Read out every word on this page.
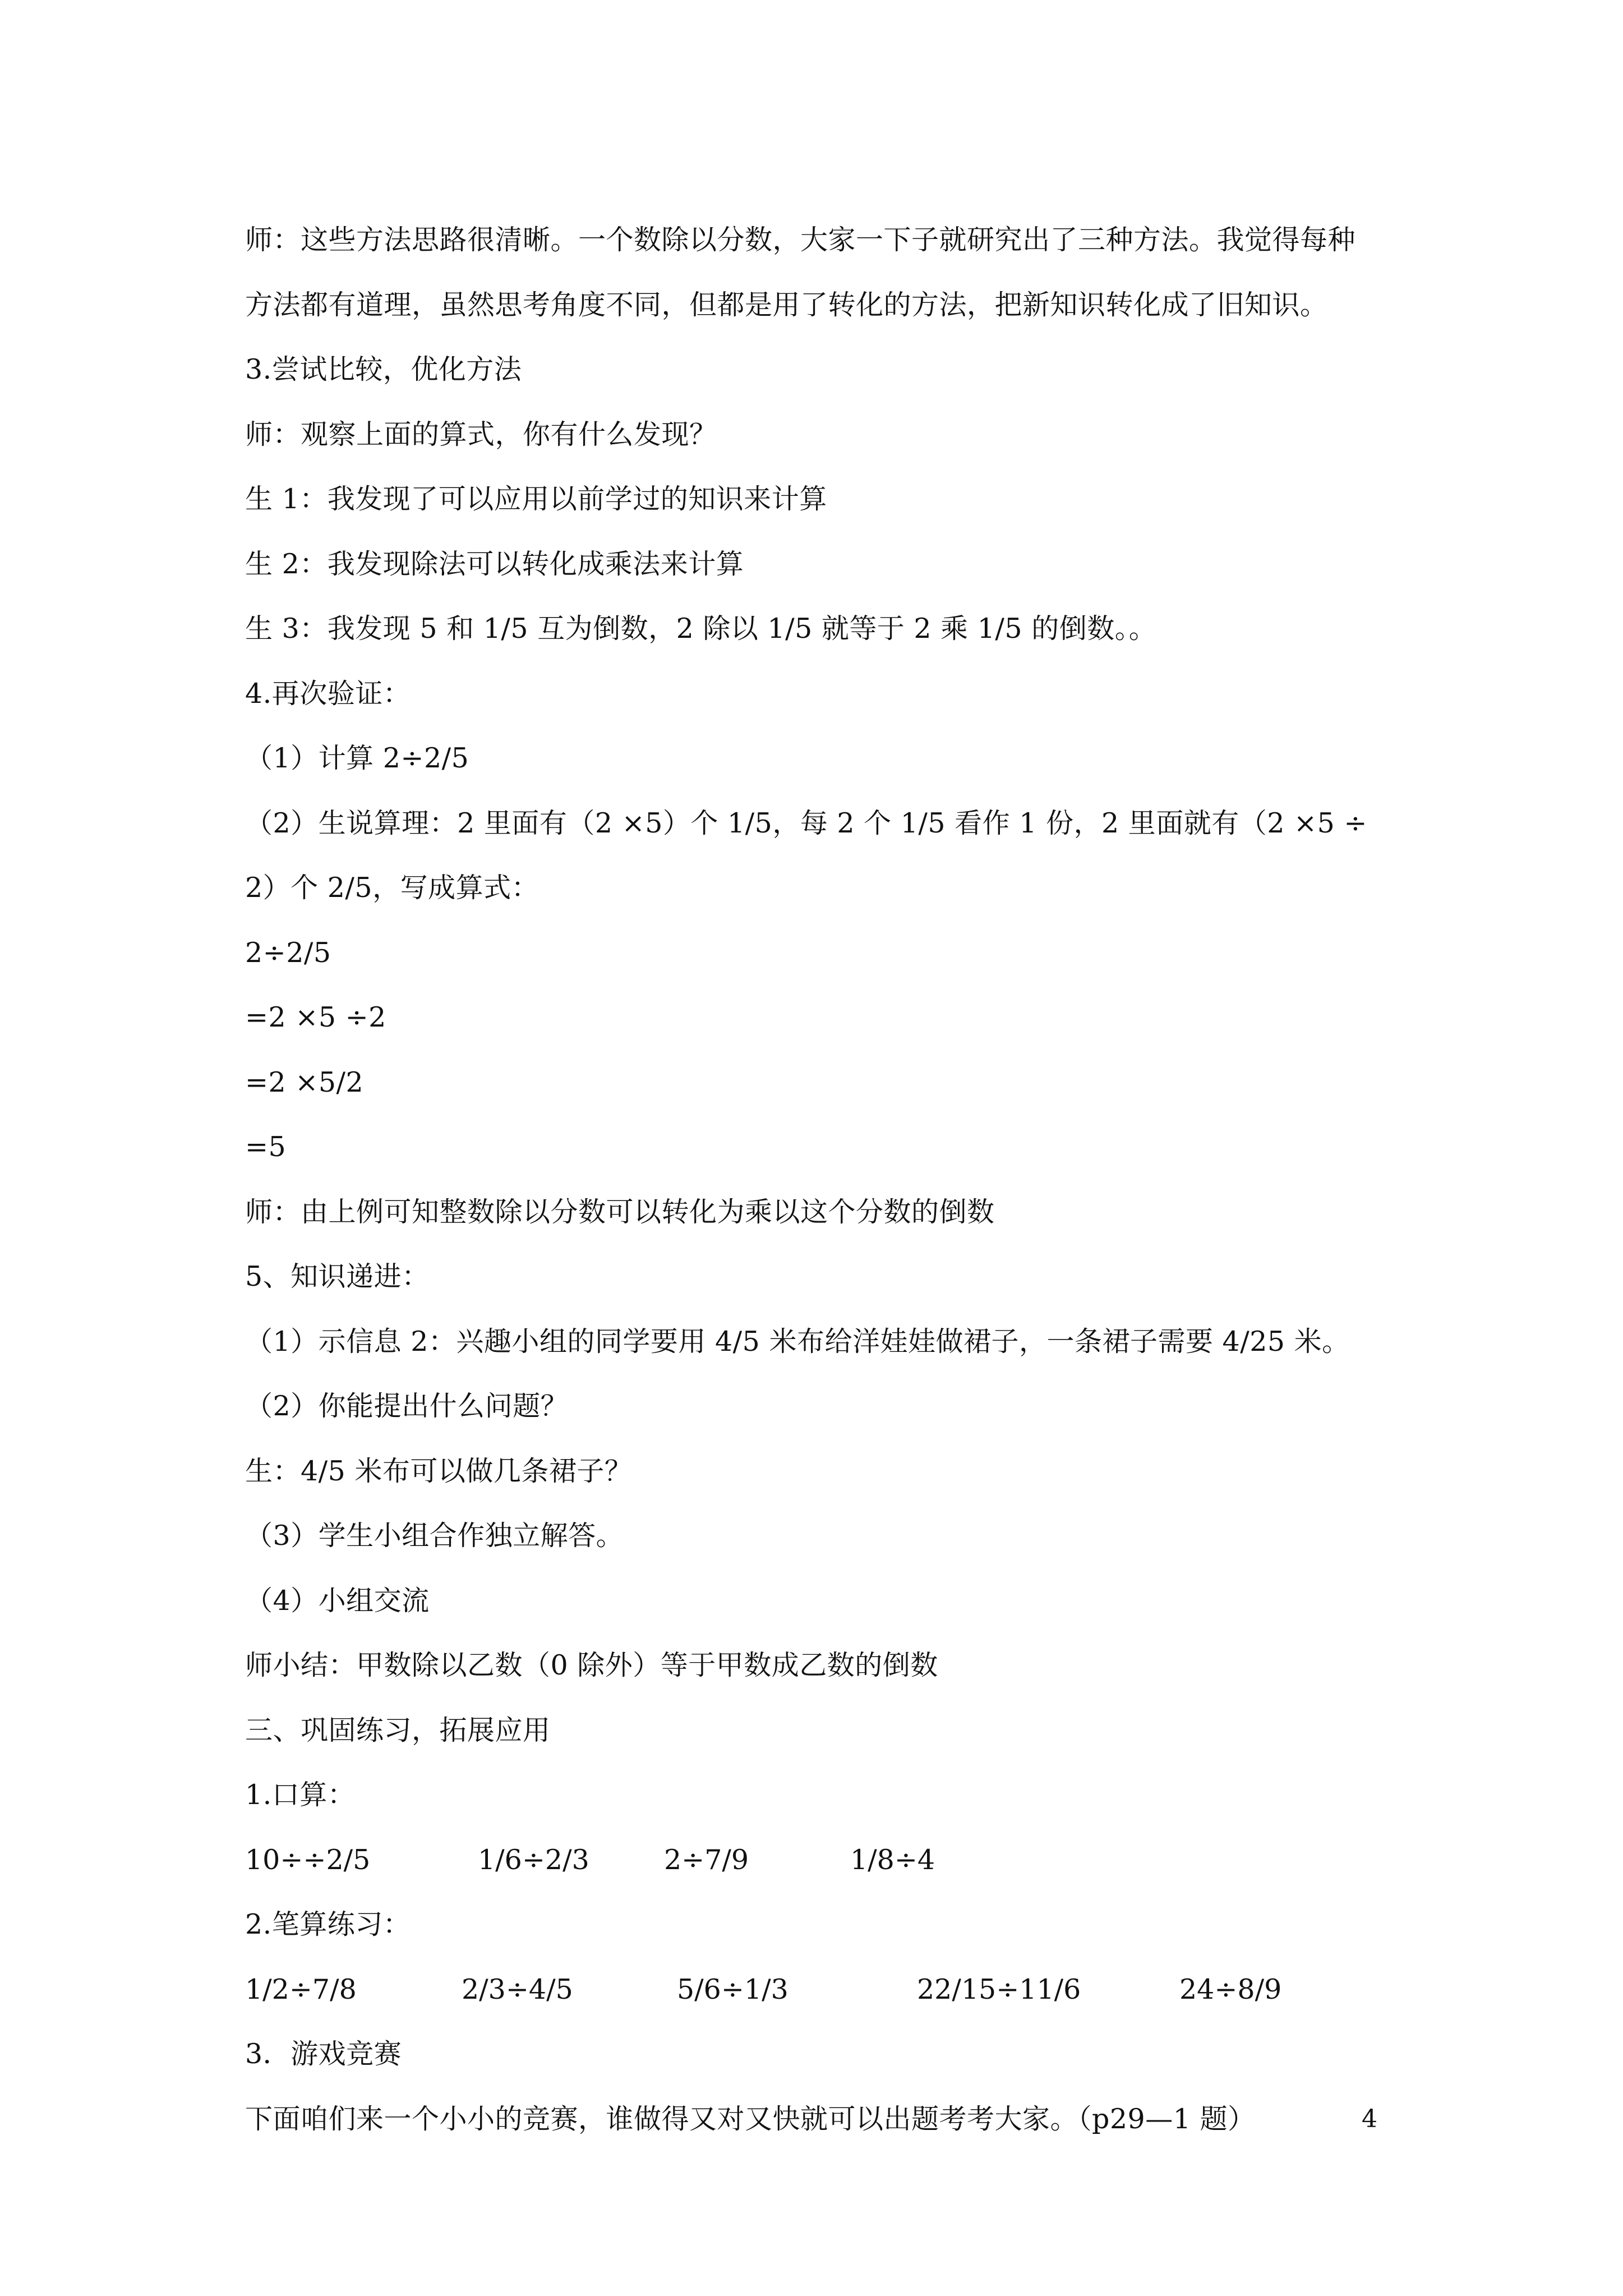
师：这些方法思路很清晰。一个数除以分数，大家一下子就研究出了三种方法。我觉得每种
方法都有道理，虽然思考角度不同，但都是用了转化的方法，把新知识转化成了旧知识。
3.尝试比较，优化方法
师：观察上面的算式，你有什么发现？
生 1：我发现了可以应用以前学过的知识来计算
生 2：我发现除法可以转化成乘法来计算
生 3：我发现 5 和 1/5 互为倒数，2 除以 1/5 就等于 2 乘 1/5 的倒数。。
4.再次验证：
（1）计算 2÷2/5
（2）生说算理：2 里面有（2 ×5）个 1/5，每 2 个 1/5 看作 1 份，2 里面就有（2 ×5 ÷
2）个 2/5，写成算式：
2÷2/5
=2 ×5 ÷2
=2 ×5/2
=5
师：由上例可知整数除以分数可以转化为乘以这个分数的倒数
5、知识递进：
（1）示信息 2：兴趣小组的同学要用 4/5 米布给洋娃娃做裙子，一条裙子需要 4/25 米。
（2）你能提出什么问题？
生：4/5 米布可以做几条裙子？
（3）学生小组合作独立解答。
（4）小组交流
师小结：甲数除以乙数（0 除外）等于甲数成乙数的倒数
三、巩固练习，拓展应用
1.口算：
10÷÷2/5	1/6÷2/3	2÷7/9	1/8÷4
2.笔算练习：
1/2÷7/8	2/3÷4/5	5/6÷1/3	22/15÷11/6	24÷8/9
3．游戏竞赛
下面咱们来一个小小的竞赛，谁做得又对又快就可以出题考考大家。（p29—1 题）	4
